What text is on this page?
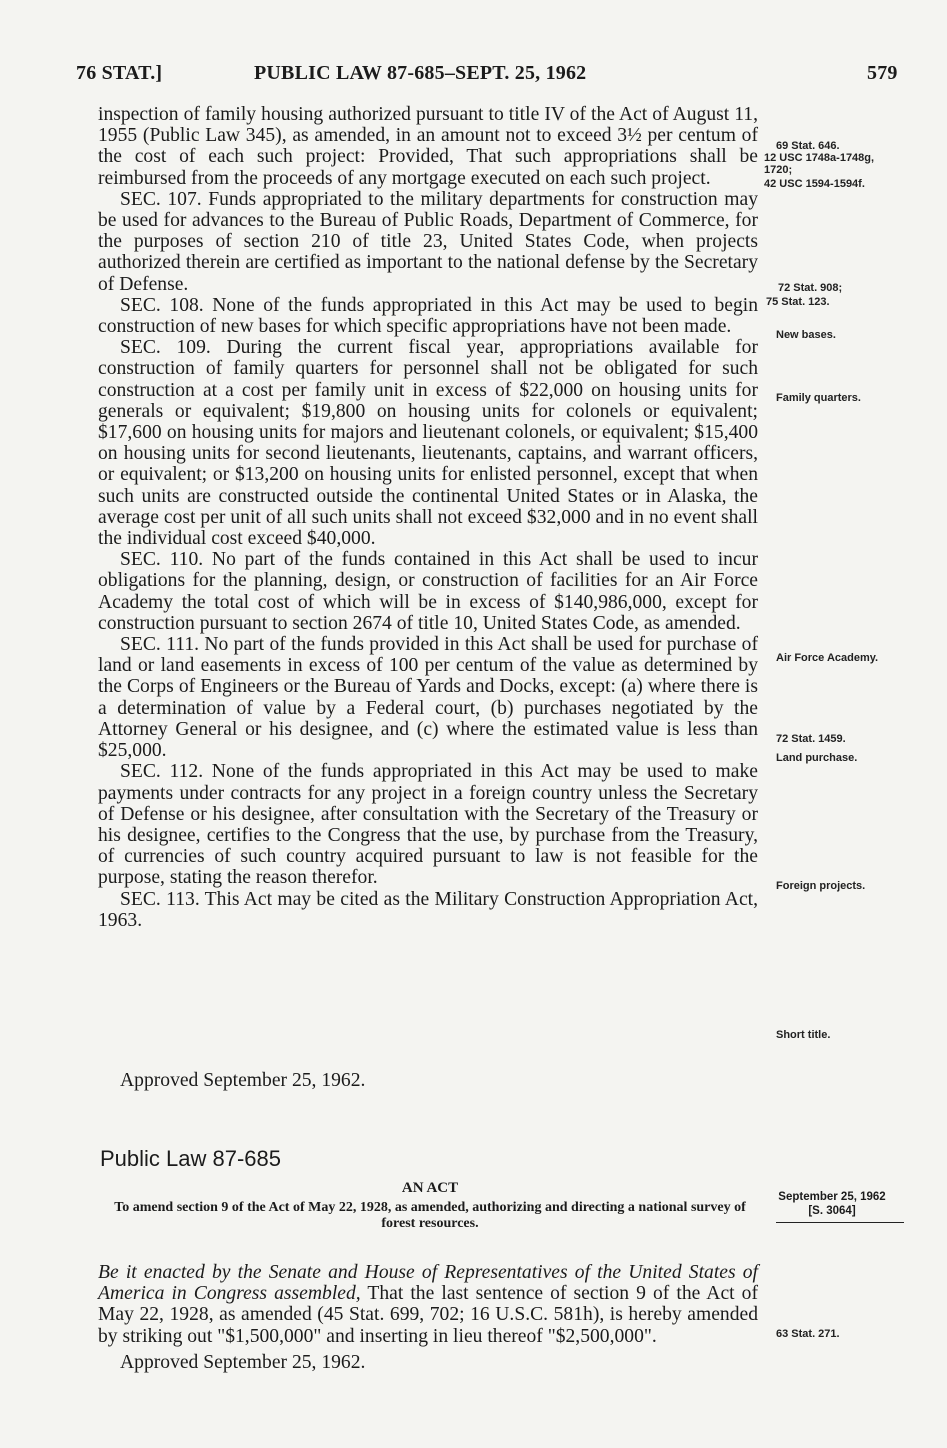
76 STAT.]	PUBLIC LAW 87-685–SEPT. 25, 1962	579

inspection of family housing authorized pursuant to title IV of the Act of August 11, 1955 (Public Law 345), as amended, in an amount not to exceed 3½ per centum of the cost of each such project: Provided, That such appropriations shall be reimbursed from the proceeds of any mortgage executed on each such project.

SEC. 107. Funds appropriated to the military departments for construction may be used for advances to the Bureau of Public Roads, Department of Commerce, for the purposes of section 210 of title 23, United States Code, when projects authorized therein are certified as important to the national defense by the Secretary of Defense.

SEC. 108. None of the funds appropriated in this Act may be used to begin construction of new bases for which specific appropriations have not been made.

SEC. 109. During the current fiscal year, appropriations available for construction of family quarters for personnel shall not be obligated for such construction at a cost per family unit in excess of $22,000 on housing units for generals or equivalent; $19,800 on housing units for colonels or equivalent; $17,600 on housing units for majors and lieutenant colonels, or equivalent; $15,400 on housing units for second lieutenants, lieutenants, captains, and warrant officers, or equivalent; or $13,200 on housing units for enlisted personnel, except that when such units are constructed outside the continental United States or in Alaska, the average cost per unit of all such units shall not exceed $32,000 and in no event shall the individual cost exceed $40,000.

SEC. 110. No part of the funds contained in this Act shall be used to incur obligations for the planning, design, or construction of facilities for an Air Force Academy the total cost of which will be in excess of $140,986,000, except for construction pursuant to section 2674 of title 10, United States Code, as amended.

SEC. 111. No part of the funds provided in this Act shall be used for purchase of land or land easements in excess of 100 per centum of the value as determined by the Corps of Engineers or the Bureau of Yards and Docks, except: (a) where there is a determination of value by a Federal court, (b) purchases negotiated by the Attorney General or his designee, and (c) where the estimated value is less than $25,000.

SEC. 112. None of the funds appropriated in this Act may be used to make payments under contracts for any project in a foreign country unless the Secretary of Defense or his designee, after consultation with the Secretary of the Treasury or his designee, certifies to the Congress that the use, by purchase from the Treasury, of currencies of such country acquired pursuant to law is not feasible for the purpose, stating the reason therefor.

SEC. 113. This Act may be cited as the Military Construction Appropriation Act, 1963.

Approved September 25, 1962.
69 Stat. 646.
12 USC 1748a-1748g, 1720;
42 USC 1594-1594f.
72 Stat. 908;
75 Stat. 123.
New bases.
Family quarters.
Air Force Academy.
72 Stat. 1459.
Land purchase.
Foreign projects.
Short title.
Public Law 87-685
AN ACT
To amend section 9 of the Act of May 22, 1928, as amended, authorizing and directing a national survey of forest resources.
September 25, 1962
[S. 3064]

Be it enacted by the Senate and House of Representatives of the United States of America in Congress assembled, That the last sentence of section 9 of the Act of May 22, 1928, as amended (45 Stat. 699, 702; 16 U.S.C. 581h), is hereby amended by striking out "$1,500,000" and inserting in lieu thereof "$2,500,000".	63 Stat. 271.
Approved September 25, 1962.
